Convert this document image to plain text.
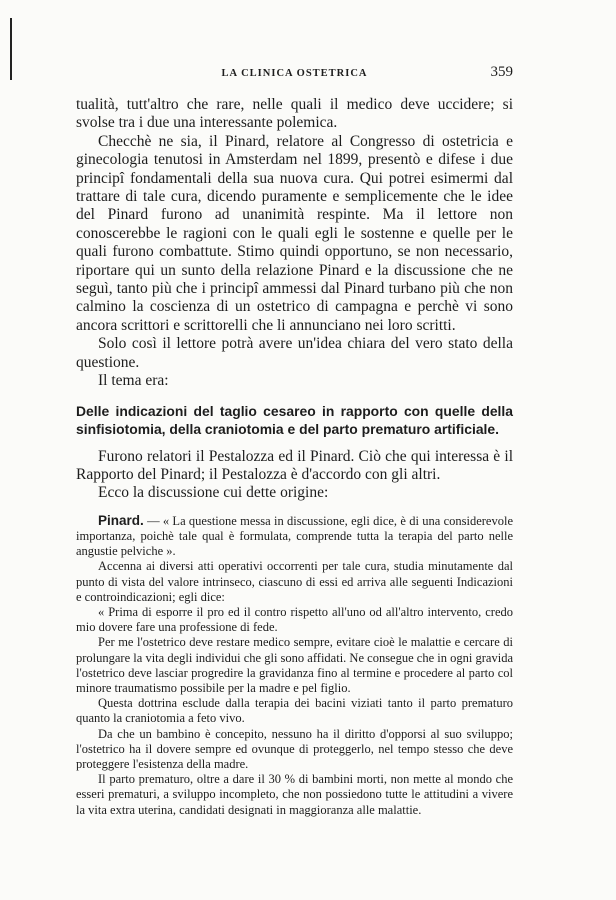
LA CLINICA OSTETRICA	359

tualità, tutt'altro che rare, nelle quali il medico deve uccidere; si svolse tra i due una interessante polemica.

Checchè ne sia, il Pinard, relatore al Congresso di ostetricia e ginecologia tenutosi in Amsterdam nel 1899, presentò e difese i due principî fondamentali della sua nuova cura. Qui potrei esimermi dal trattare di tale cura, dicendo puramente e semplicemente che le idee del Pinard furono ad unanimità respinte. Ma il lettore non conoscerebbe le ragioni con le quali egli le sostenne e quelle per le quali furono combattute. Stimo quindi opportuno, se non necessario, riportare qui un sunto della relazione Pinard e la discussione che ne seguì, tanto più che i principî ammessi dal Pinard turbano più che non calmino la coscienza di un ostetrico di campagna e perchè vi sono ancora scrittori e scrittorelli che li annunciano nei loro scritti.

Solo così il lettore potrà avere un'idea chiara del vero stato della questione.

Il tema era:

Delle indicazioni del taglio cesareo in rapporto con quelle della sinfisiotomia, della craniotomia e del parto prematuro artificiale.

Furono relatori il Pestalozza ed il Pinard. Ciò che qui interessa è il Rapporto del Pinard; il Pestalozza è d'accordo con gli altri.

Ecco la discussione cui dette origine:

Pinard. — « La questione messa in discussione, egli dice, è di una considerevole importanza, poichè tale qual è formulata, comprende tutta la terapia del parto nelle angustie pelviche ».

Accenna ai diversi atti operativi occorrenti per tale cura, studia minutamente dal punto di vista del valore intrinseco, ciascuno di essi ed arriva alle seguenti Indicazioni e controindicazioni; egli dice:

« Prima di esporre il pro ed il contro rispetto all'uno od all'altro intervento, credo mio dovere fare una professione di fede.

Per me l'ostetrico deve restare medico sempre, evitare cioè le malattie e cercare di prolungare la vita degli individui che gli sono affidati. Ne consegue che in ogni gravida l'ostetrico deve lasciar progredire la gravidanza fino al termine e procedere al parto col minore traumatismo possibile per la madre e pel figlio.

Questa dottrina esclude dalla terapia dei bacini viziati tanto il parto prematuro quanto la craniotomia a feto vivo.

Da che un bambino è concepito, nessuno ha il diritto d'opporsi al suo sviluppo; l'ostetrico ha il dovere sempre ed ovunque di proteggerlo, nel tempo stesso che deve proteggere l'esistenza della madre.

Il parto prematuro, oltre a dare il 30 % di bambini morti, non mette al mondo che esseri prematuri, a sviluppo incompleto, che non possiedono tutte le attitudini a vivere la vita extra uterina, candidati designati in maggioranza alle malattie.
